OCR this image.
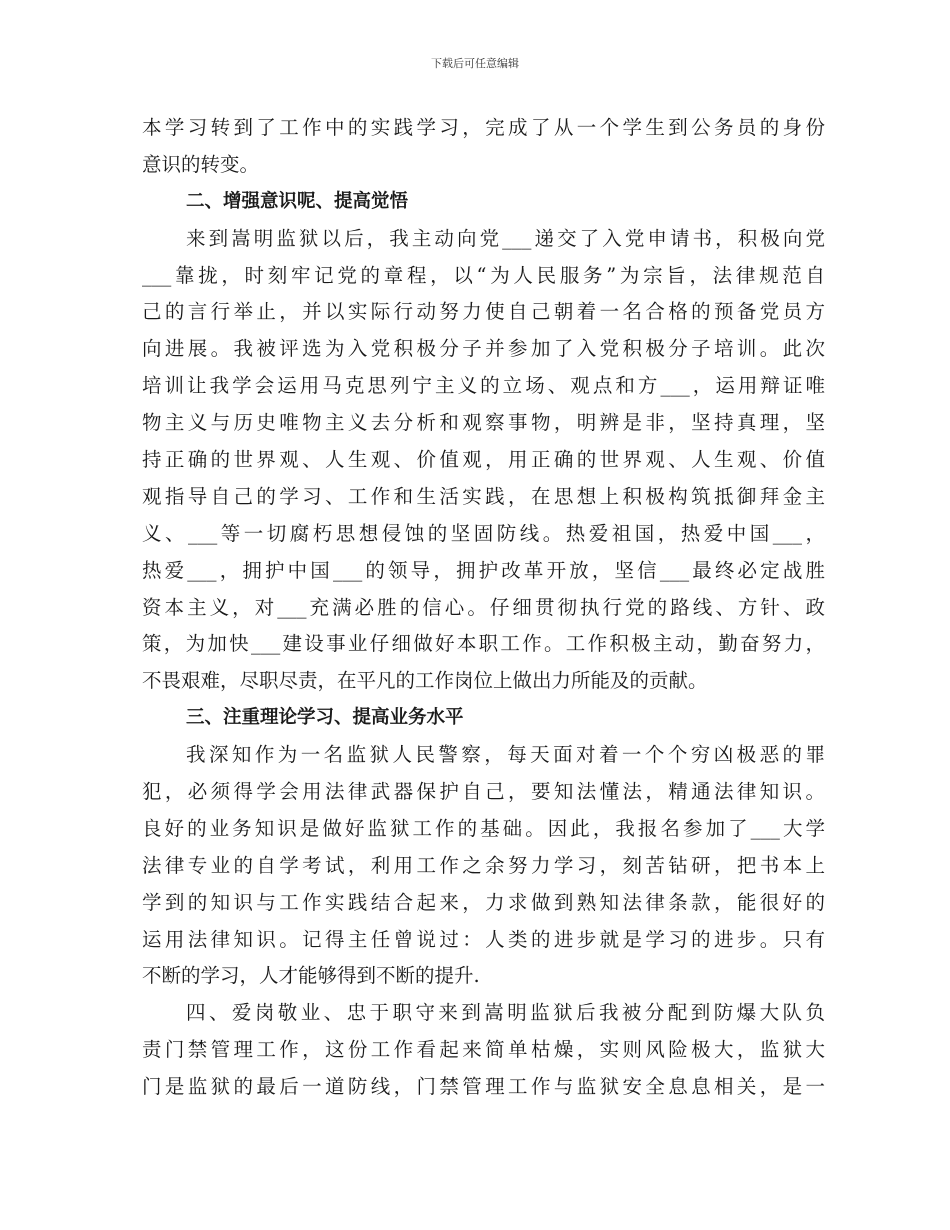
下载后可任意编辑
本学习转到了工作中的实践学习，完成了从一个学生到公务员的身份
意识的转变。
二、增强意识呢、提高觉悟
来到嵩明监狱以后，我主动向党___递交了入党申请书，积极向党
___靠拢，时刻牢记党的章程，以“为人民服务”为宗旨，法律规范自
己的言行举止，并以实际行动努力使自己朝着一名合格的预备党员方
向进展。我被评选为入党积极分子并参加了入党积极分子培训。此次
培训让我学会运用马克思列宁主义的立场、观点和方___，运用辩证唯
物主义与历史唯物主义去分析和观察事物，明辨是非，坚持真理，坚
持正确的世界观、人生观、价值观，用正确的世界观、人生观、价值
观指导自己的学习、工作和生活实践，在思想上积极构筑抵御拜金主
义、___等一切腐朽思想侵蚀的坚固防线。热爱祖国，热爱中国___，
热爱___，拥护中国___的领导，拥护改革开放，坚信___最终必定战胜
资本主义，对___充满必胜的信心。仔细贯彻执行党的路线、方针、政
策，为加快___建设事业仔细做好本职工作。工作积极主动，勤奋努力，
不畏艰难，尽职尽责，在平凡的工作岗位上做出力所能及的贡献。
三、注重理论学习、提高业务水平
我深知作为一名监狱人民警察，每天面对着一个个穷凶极恶的罪
犯，必须得学会用法律武器保护自己，要知法懂法，精通法律知识。
良好的业务知识是做好监狱工作的基础。因此，我报名参加了___大学
法律专业的自学考试，利用工作之余努力学习，刻苦钻研，把书本上
学到的知识与工作实践结合起来，力求做到熟知法律条款，能很好的
运用法律知识。记得主任曾说过：人类的进步就是学习的进步。只有
不断的学习，人才能够得到不断的提升.
四、爱岗敬业、忠于职守来到嵩明监狱后我被分配到防爆大队负
责门禁管理工作，这份工作看起来简单枯燥，实则风险极大，监狱大
门是监狱的最后一道防线，门禁管理工作与监狱安全息息相关，是一
